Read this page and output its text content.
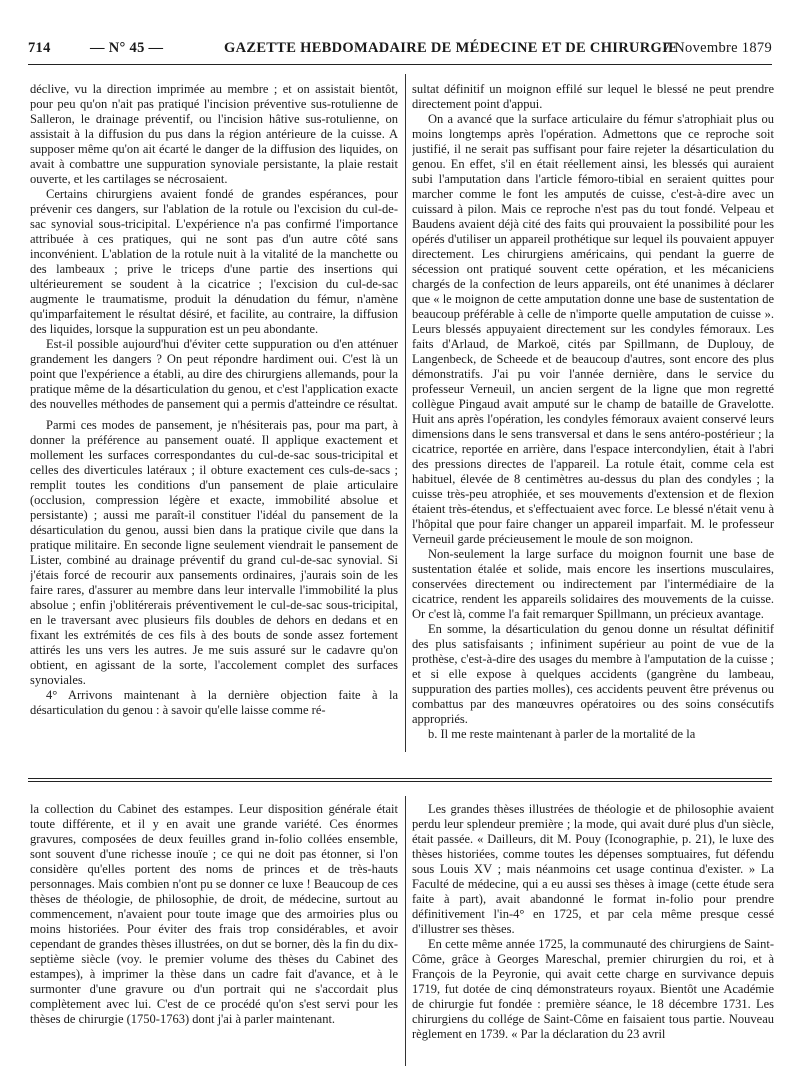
714	— N° 45 —	GAZETTE HEBDOMADAIRE DE MÉDECINE ET DE CHIRURGIE
7 Novembre 1879

déclive, vu la direction imprimée au membre ; et on assistait bientôt, pour peu qu'on n'ait pas pratiqué l'incision préventive sus-rotulienne de Salleron, le drainage préventif, ou l'incision hâtive sus-rotulienne, on assistait à la diffusion du pus dans la région antérieure de la cuisse. A supposer même qu'on ait écarté le danger de la diffusion des liquides, on avait à combattre une suppuration synoviale persistante, la plaie restait ouverte, et les cartilages se nécrosaient.

Certains chirurgiens avaient fondé de grandes espérances, pour prévenir ces dangers, sur l'ablation de la rotule ou l'excision du cul-de-sac synovial sous-tricipital. L'expérience n'a pas confirmé l'importance attribuée à ces pratiques, qui ne sont pas d'un autre côté sans inconvénient. L'ablation de la rotule nuit à la vitalité de la manchette ou des lambeaux ; prive le triceps d'une partie des insertions qui ultérieurement se soudent à la cicatrice ; l'excision du cul-de-sac augmente le traumatisme, produit la dénudation du fémur, n'amène qu'imparfaitement le résultat désiré, et facilite, au contraire, la diffusion des liquides, lorsque la suppuration est un peu abondante.

Est-il possible aujourd'hui d'éviter cette suppuration ou d'en atténuer grandement les dangers ? On peut répondre hardiment oui. C'est là un point que l'expérience a établi, au dire des chirurgiens allemands, pour la pratique même de la désarticulation du genou, et c'est l'application exacte des nouvelles méthodes de pansement qui a permis d'atteindre ce résultat.

Parmi ces modes de pansement, je n'hésiterais pas, pour ma part, à donner la préférence au pansement ouaté. Il applique exactement et mollement les surfaces correspondantes du cul-de-sac sous-tricipital et celles des diverticules latéraux ; il obture exactement ces culs-de-sacs ; remplit toutes les conditions d'un pansement de plaie articulaire (occlusion, compression légère et exacte, immobilité absolue et persistante) ; aussi me paraît-il constituer l'idéal du pansement de la désarticulation du genou, aussi bien dans la pratique civile que dans la pratique militaire. En seconde ligne seulement viendrait le pansement de Lister, combiné au drainage préventif du grand cul-de-sac synovial. Si j'étais forcé de recourir aux pansements ordinaires, j'aurais soin de les faire rares, d'assurer au membre dans leur intervalle l'immobilité la plus absolue ; enfin j'oblitérerais préventivement le cul-de-sac sous-tricipital, en le traversant avec plusieurs fils doubles de dehors en dedans et en fixant les extrémités de ces fils à des bouts de sonde assez fortement attirés les uns vers les autres. Je me suis assuré sur le cadavre qu'on obtient, en agissant de la sorte, l'accolement complet des surfaces synoviales.

4° Arrivons maintenant à la dernière objection faite à la désarticulation du genou : à savoir qu'elle laisse comme ré-

sultat définitif un moignon effilé sur lequel le blessé ne peut prendre directement point d'appui.

On a avancé que la surface articulaire du fémur s'atrophiait plus ou moins longtemps après l'opération. Admettons que ce reproche soit justifié, il ne serait pas suffisant pour faire rejeter la désarticulation du genou. En effet, s'il en était réellement ainsi, les blessés qui auraient subi l'amputation dans l'article fémoro-tibial en seraient quittes pour marcher comme le font les amputés de cuisse, c'est-à-dire avec un cuissard à pilon. Mais ce reproche n'est pas du tout fondé. Velpeau et Baudens avaient déjà cité des faits qui prouvaient la possibilité pour les opérés d'utiliser un appareil prothétique sur lequel ils pouvaient appuyer directement. Les chirurgiens américains, qui pendant la guerre de sécession ont pratiqué souvent cette opération, et les mécaniciens chargés de la confection de leurs appareils, ont été unanimes à déclarer que « le moignon de cette amputation donne une base de sustentation de beaucoup préférable à celle de n'importe quelle amputation de cuisse ». Leurs blessés appuyaient directement sur les condyles fémoraux. Les faits d'Arlaud, de Markoë, cités par Spillmann, de Duplouy, de Langenbeck, de Scheede et de beaucoup d'autres, sont encore des plus démonstratifs. J'ai pu voir l'année dernière, dans le service du professeur Verneuil, un ancien sergent de la ligne que mon regretté collègue Pingaud avait amputé sur le champ de bataille de Gravelotte. Huit ans après l'opération, les condyles fémoraux avaient conservé leurs dimensions dans le sens transversal et dans le sens antéro-postérieur ; la cicatrice, reportée en arrière, dans l'espace intercondylien, était à l'abri des pressions directes de l'appareil. La rotule était, comme cela est habituel, élevée de 8 centimètres au-dessus du plan des condyles ; la cuisse très-peu atrophiée, et ses mouvements d'extension et de flexion étaient très-étendus, et s'effectuaient avec force. Le blessé n'était venu à l'hôpital que pour faire changer un appareil imparfait. M. le professeur Verneuil garde précieusement le moule de son moignon.

Non-seulement la large surface du moignon fournit une base de sustentation étalée et solide, mais encore les insertions musculaires, conservées directement ou indirectement par l'intermédiaire de la cicatrice, rendent les appareils solidaires des mouvements de la cuisse. Or c'est là, comme l'a fait remarquer Spillmann, un précieux avantage.

En somme, la désarticulation du genou donne un résultat définitif des plus satisfaisants ; infiniment supérieur au point de vue de la prothèse, c'est-à-dire des usages du membre à l'amputation de la cuisse ; et si elle expose à quelques accidents (gangrène du lambeau, suppuration des parties molles), ces accidents peuvent être prévenus ou combattus par des manœuvres opératoires ou des soins consécutifs appropriés.

b. Il me reste maintenant à parler de la mortalité de la

la collection du Cabinet des estampes. Leur disposition générale était toute différente, et il y en avait une grande variété. Ces énormes gravures, composées de deux feuilles grand in-folio collées ensemble, sont souvent d'une richesse inouïe ; ce qui ne doit pas étonner, si l'on considère qu'elles portent des noms de princes et de très-hauts personnages. Mais combien n'ont pu se donner ce luxe ! Beaucoup de ces thèses de théologie, de philosophie, de droit, de médecine, surtout au commencement, n'avaient pour toute image que des armoiries plus ou moins historiées. Pour éviter des frais trop considérables, et avoir cependant de grandes thèses illustrées, on dut se borner, dès la fin du dix-septième siècle (voy. le premier volume des thèses du Cabinet des estampes), à imprimer la thèse dans un cadre fait d'avance, et à le surmonter d'une gravure ou d'un portrait qui ne s'accordait plus complètement avec lui. C'est de ce procédé qu'on s'est servi pour les thèses de chirurgie (1750-1763) dont j'ai à parler maintenant.

Les grandes thèses illustrées de théologie et de philosophie avaient perdu leur splendeur première ; la mode, qui avait duré plus d'un siècle, était passée. « Dailleurs, dit M. Pouy (Iconographie, p. 21), le luxe des thèses historiées, comme toutes les dépenses somptuaires, fut défendu sous Louis XV ; mais néanmoins cet usage continua d'exister. » La Faculté de médecine, qui a eu aussi ses thèses à image (cette étude sera faite à part), avait abandonné le format in-folio pour prendre définitivement l'in-4° en 1725, et par cela même presque cessé d'illustrer ses thèses.

En cette même année 1725, la communauté des chirurgiens de Saint-Côme, grâce à Georges Mareschal, premier chirurgien du roi, et à François de la Peyronie, qui avait cette charge en survivance depuis 1719, fut dotée de cinq démonstrateurs royaux. Bientôt une Académie de chirurgie fut fondée : première séance, le 18 décembre 1731. Les chirurgiens du collége de Saint-Côme en faisaient tous partie. Nouveau règlement en 1739. « Par la déclaration du 23 avril
